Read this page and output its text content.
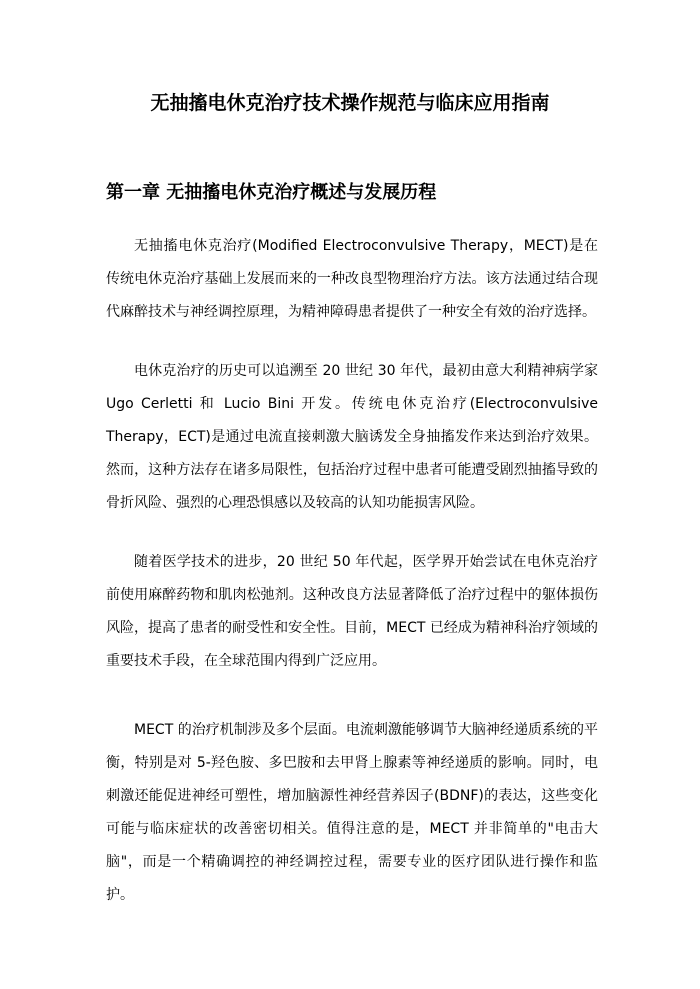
无抽搐电休克治疗技术操作规范与临床应用指南
第一章 无抽搐电休克治疗概述与发展历程

无抽搐电休克治疗(Modified Electroconvulsive Therapy，MECT)是在传统电休克治疗基础上发展而来的一种改良型物理治疗方法。该方法通过结合现代麻醉技术与神经调控原理，为精神障碍患者提供了一种安全有效的治疗选择。

电休克治疗的历史可以追溯至 20 世纪 30 年代，最初由意大利精神病学家 Ugo Cerletti 和 Lucio Bini 开发。传统电休克治疗(Electroconvulsive Therapy，ECT)是通过电流直接刺激大脑诱发全身抽搐发作来达到治疗效果。然而，这种方法存在诸多局限性，包括治疗过程中患者可能遭受剧烈抽搐导致的骨折风险、强烈的心理恐惧感以及较高的认知功能损害风险。

随着医学技术的进步，20 世纪 50 年代起，医学界开始尝试在电休克治疗前使用麻醉药物和肌肉松弛剂。这种改良方法显著降低了治疗过程中的躯体损伤风险，提高了患者的耐受性和安全性。目前，MECT 已经成为精神科治疗领域的重要技术手段，在全球范围内得到广泛应用。

MECT 的治疗机制涉及多个层面。电流刺激能够调节大脑神经递质系统的平衡，特别是对 5-羟色胺、多巴胺和去甲肾上腺素等神经递质的影响。同时，电刺激还能促进神经可塑性，增加脑源性神经营养因子(BDNF)的表达，这些变化可能与临床症状的改善密切相关。值得注意的是，MECT 并非简单的"电击大脑"，而是一个精确调控的神经调控过程，需要专业的医疗团队进行操作和监护。
